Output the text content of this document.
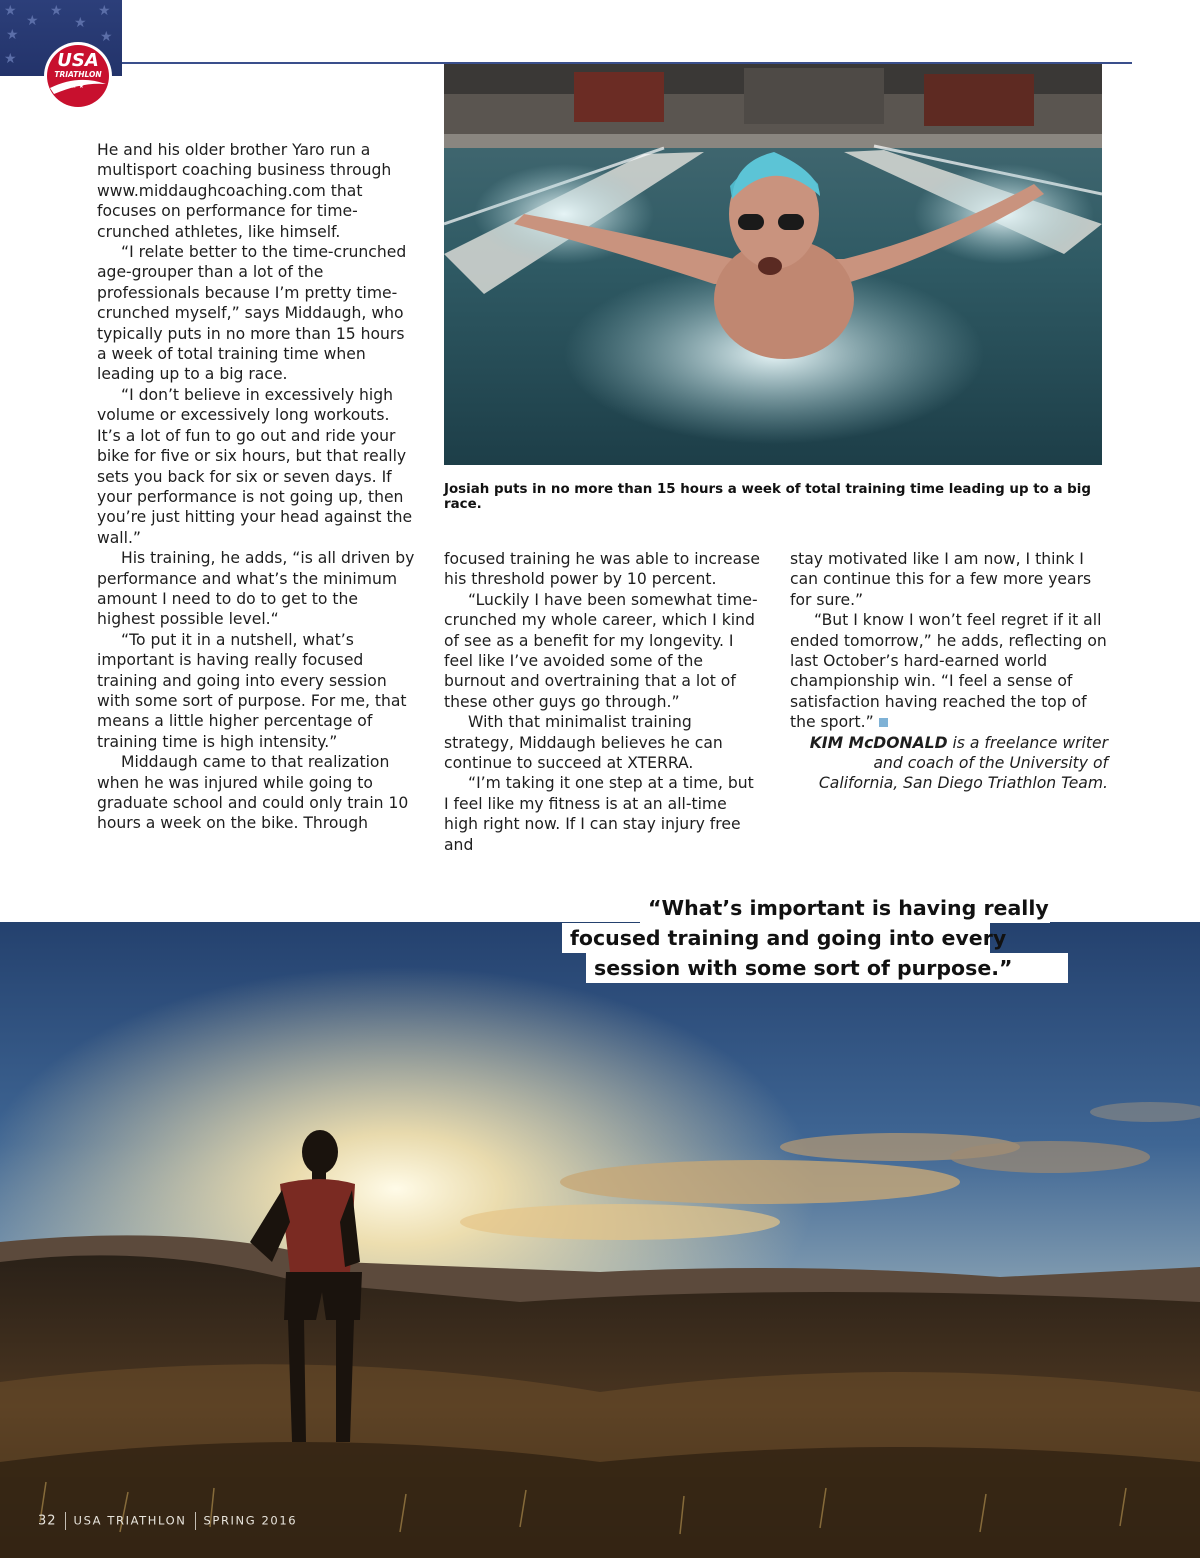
★
★
★
★
★
★
★
★
USA
TRIATHLON
★ ★ ★
Josiah puts in no more than 15 hours a week of total training time leading up to a big race.

He and his older brother Yaro run a multisport coaching business through www.middaughcoaching.com that focuses on performance for time-crunched athletes, like himself.

“I relate better to the time-crunched age-grouper than a lot of the professionals because I’m pretty time-crunched myself,” says Middaugh, who typically puts in no more than 15 hours a week of total training time when leading up to a big race.

“I don’t believe in excessively high volume or excessively long workouts. It’s a lot of fun to go out and ride your bike for five or six hours, but that really sets you back for six or seven days. If your performance is not going up, then you’re just hitting your head against the wall.”

His training, he adds, “is all driven by performance and what’s the minimum amount I need to do to get to the highest possible level.“

“To put it in a nutshell, what’s important is having really focused training and going into every session with some sort of purpose. For me, that means a little higher percentage of training time is high intensity.”

Middaugh came to that realization when he was injured while going to graduate school and could only train 10 hours a week on the bike. Through

focused training he was able to increase his threshold power by 10 percent.

“Luckily I have been somewhat time-crunched my whole career, which I kind of see as a benefit for my longevity. I feel like I’ve avoided some of the burnout and overtraining that a lot of these other guys go through.”

With that minimalist training strategy, Middaugh believes he can continue to succeed at XTERRA.

“I’m taking it one step at a time, but I feel like my fitness is at an all-time high right now. If I can stay injury free and

stay motivated like I am now, I think I can continue this for a few more years for sure.”

“But I know I won’t feel regret if it all ended tomorrow,” he adds, reflecting on last October’s hard-earned world championship win. “I feel a sense of satisfaction having reached the top of the sport.”

KIM McDONALD is a freelance writer and coach of the University of California, San Diego Triathlon Team.

“What’s important is having really
focused training and going into every
session with some sort of purpose.”
32 USA TRIATHLON SPRING 2016
